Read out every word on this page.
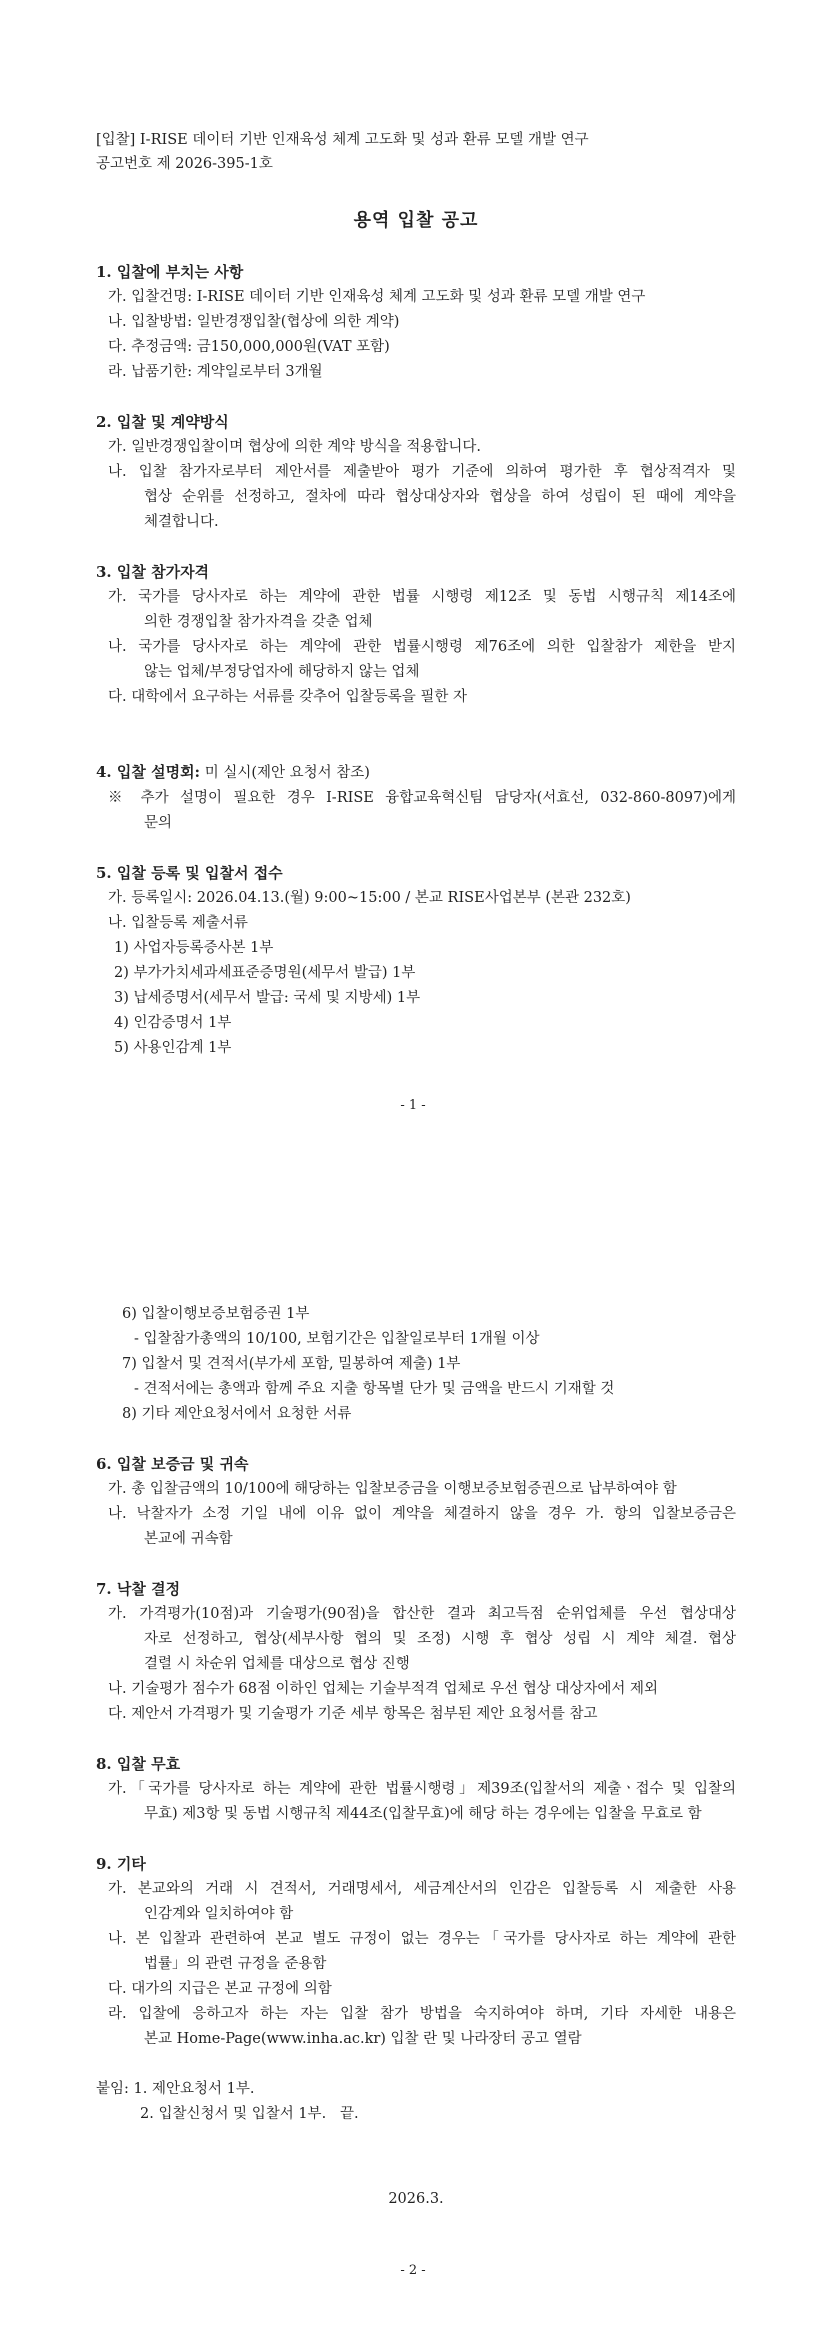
[입찰] I-RISE 데이터 기반 인재육성 체계 고도화 및 성과 환류 모델 개발 연구
공고번호 제 2026-395-1호
용역 입찰 공고
1. 입찰에 부치는 사항
가. 입찰건명: I-RISE 데이터 기반 인재육성 체계 고도화 및 성과 환류 모델 개발 연구
나. 입찰방법: 일반경쟁입찰(협상에 의한 계약)
다. 추정금액: 금150,000,000원(VAT 포함)
라. 납품기한: 계약일로부터 3개월
2. 입찰 및 계약방식
가. 일반경쟁입찰이며 협상에 의한 계약 방식을 적용합니다.
나. 입찰 참가자로부터 제안서를 제출받아 평가 기준에 의하여 평가한 후 협상적격자 및
협상 순위를 선정하고, 절차에 따라 협상대상자와 협상을 하여 성립이 된 때에 계약을
체결합니다.
3. 입찰 참가자격
가. 국가를 당사자로 하는 계약에 관한 법률 시행령 제12조 및 동법 시행규칙 제14조에
의한 경쟁입찰 참가자격을 갖춘 업체
나. 국가를 당사자로 하는 계약에 관한 법률시행령 제76조에 의한 입찰참가 제한을 받지
않는 업체/부정당업자에 해당하지 않는 업체
다. 대학에서 요구하는 서류를 갖추어 입찰등록을 필한 자
4. 입찰 설명회: 미 실시(제안 요청서 참조)
※ 추가 설명이 필요한 경우 I-RISE 융합교육혁신팀 담당자(서효선, 032-860-8097)에게
문의
5. 입찰 등록 및 입찰서 접수
가. 등록일시: 2026.04.13.(월) 9:00~15:00 / 본교 RISE사업본부 (본관 232호)
나. 입찰등록 제출서류
1) 사업자등록증사본 1부
2) 부가가치세과세표준증명원(세무서 발급) 1부
3) 납세증명서(세무서 발급: 국세 및 지방세) 1부
4) 인감증명서 1부
5) 사용인감계 1부
- 1 -
6) 입찰이행보증보험증권 1부
- 입찰참가총액의 10/100, 보험기간은 입찰일로부터 1개월 이상
7) 입찰서 및 견적서(부가세 포함, 밀봉하여 제출) 1부
- 견적서에는 총액과 함께 주요 지출 항목별 단가 및 금액을 반드시 기재할 것
8) 기타 제안요청서에서 요청한 서류
6. 입찰 보증금 및 귀속
가. 총 입찰금액의 10/100에 해당하는 입찰보증금을 이행보증보험증권으로 납부하여야 함
나. 낙찰자가 소정 기일 내에 이유 없이 계약을 체결하지 않을 경우 가. 항의 입찰보증금은
본교에 귀속함
7. 낙찰 결정
가. 가격평가(10점)과 기술평가(90점)을 합산한 결과 최고득점 순위업체를 우선 협상대상
자로 선정하고, 협상(세부사항 협의 및 조정) 시행 후 협상 성립 시 계약 체결. 협상
결렬 시 차순위 업체를 대상으로 협상 진행
나. 기술평가 점수가 68점 이하인 업체는 기술부적격 업체로 우선 협상 대상자에서 제외
다. 제안서 가격평가 및 기술평가 기준 세부 항목은 첨부된 제안 요청서를 참고
8. 입찰 무효
가.「국가를 당사자로 하는 계약에 관한 법률시행령」제39조(입찰서의 제출ㆍ접수 및 입찰의
무효) 제3항 및 동법 시행규칙 제44조(입찰무효)에 해당 하는 경우에는 입찰을 무효로 함
9. 기타
가. 본교와의 거래 시 견적서, 거래명세서, 세금계산서의 인감은 입찰등록 시 제출한 사용
인감계와 일치하여야 함
나. 본 입찰과 관련하여 본교 별도 규정이 없는 경우는「국가를 당사자로 하는 계약에 관한
법률」의 관련 규정을 준용함
다. 대가의 지급은 본교 규정에 의함
라. 입찰에 응하고자 하는 자는 입찰 참가 방법을 숙지하여야 하며, 기타 자세한 내용은
본교 Home-Page(www.inha.ac.kr) 입찰 란 및 나라장터 공고 열람
붙임: 1. 제안요청서 1부.
2. 입찰신청서 및 입찰서 1부.   끝.
2026.3.
- 2 -
